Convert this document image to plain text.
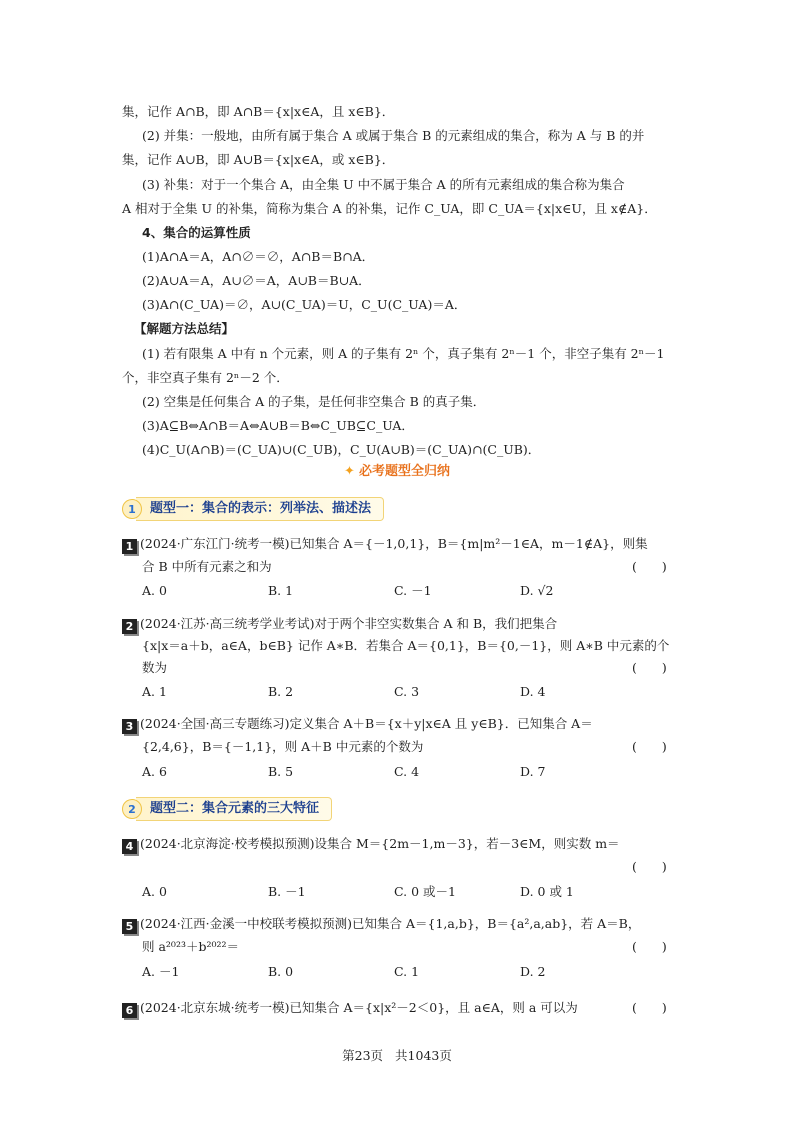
集，记作 A∩B，即 A∩B＝{x|x∈A，且 x∈B}．
(2) 并集：一般地，由所有属于集合 A 或属于集合 B 的元素组成的集合，称为 A 与 B 的并
集，记作 A∪B，即 A∪B＝{x|x∈A，或 x∈B}．
(3) 补集：对于一个集合 A，由全集 U 中不属于集合 A 的所有元素组成的集合称为集合
A 相对于全集 U 的补集，简称为集合 A 的补集，记作 C_UA，即 C_UA＝{x|x∈U，且 x∉A}．
4、集合的运算性质
(1)A∩A＝A，A∩∅＝∅，A∩B＝B∩A．
(2)A∪A＝A，A∪∅＝A，A∪B＝B∪A．
(3)A∩(C_UA)＝∅，A∪(C_UA)＝U，C_U(C_UA)＝A．
【解题方法总结】
(1) 若有限集 A 中有 n 个元素，则 A 的子集有 2ⁿ 个，真子集有 2ⁿ－1 个，非空子集有 2ⁿ－1
个，非空真子集有 2ⁿ－2 个．
(2) 空集是任何集合 A 的子集，是任何非空集合 B 的真子集．
(3)A⊆B⇔A∩B＝A⇔A∪B＝B⇔C_UB⊆C_UA．
(4)C_U(A∩B)＝(C_UA)∪(C_UB)，C_U(A∪B)＝(C_UA)∩(C_UB)．
✦ 必考题型全归纳
1	题型一：集合的表示：列举法、描述法
1 (2024·广东江门·统考一模)已知集合 A＝{－1,0,1}，B＝{m|m²－1∈A，m－1∉A}，则集
合 B 中所有元素之和为	(　　)
A. 0	B. 1	C. －1	D. √2
2 (2024·江苏·高三统考学业考试)对于两个非空实数集合 A 和 B，我们把集合
{x|x＝a＋b，a∈A，b∈B} 记作 A∗B．若集合 A＝{0,1}，B＝{0,－1}，则 A∗B 中元素的个
数为	(　　)
A. 1	B. 2	C. 3	D. 4
3 (2024·全国·高三专题练习)定义集合 A＋B＝{x＋y|x∈A 且 y∈B}．已知集合 A＝
{2,4,6}，B＝{－1,1}，则 A＋B 中元素的个数为	(　　)
A. 6	B. 5	C. 4	D. 7
2	题型二：集合元素的三大特征
4 (2024·北京海淀·校考模拟预测)设集合 M＝{2m－1,m－3}，若－3∈M，则实数 m＝
(　　)
A. 0	B. －1	C. 0 或－1	D. 0 或 1
5 (2024·江西·金溪一中校联考模拟预测)已知集合 A＝{1,a,b}，B＝{a²,a,ab}，若 A＝B，
则 a²⁰²³＋b²⁰²²＝	(　　)
A. －1	B. 0	C. 1	D. 2
6 (2024·北京东城·统考一模)已知集合 A＝{x|x²－2＜0}，且 a∈A，则 a 可以为	(　　)
第23页 共1043页
